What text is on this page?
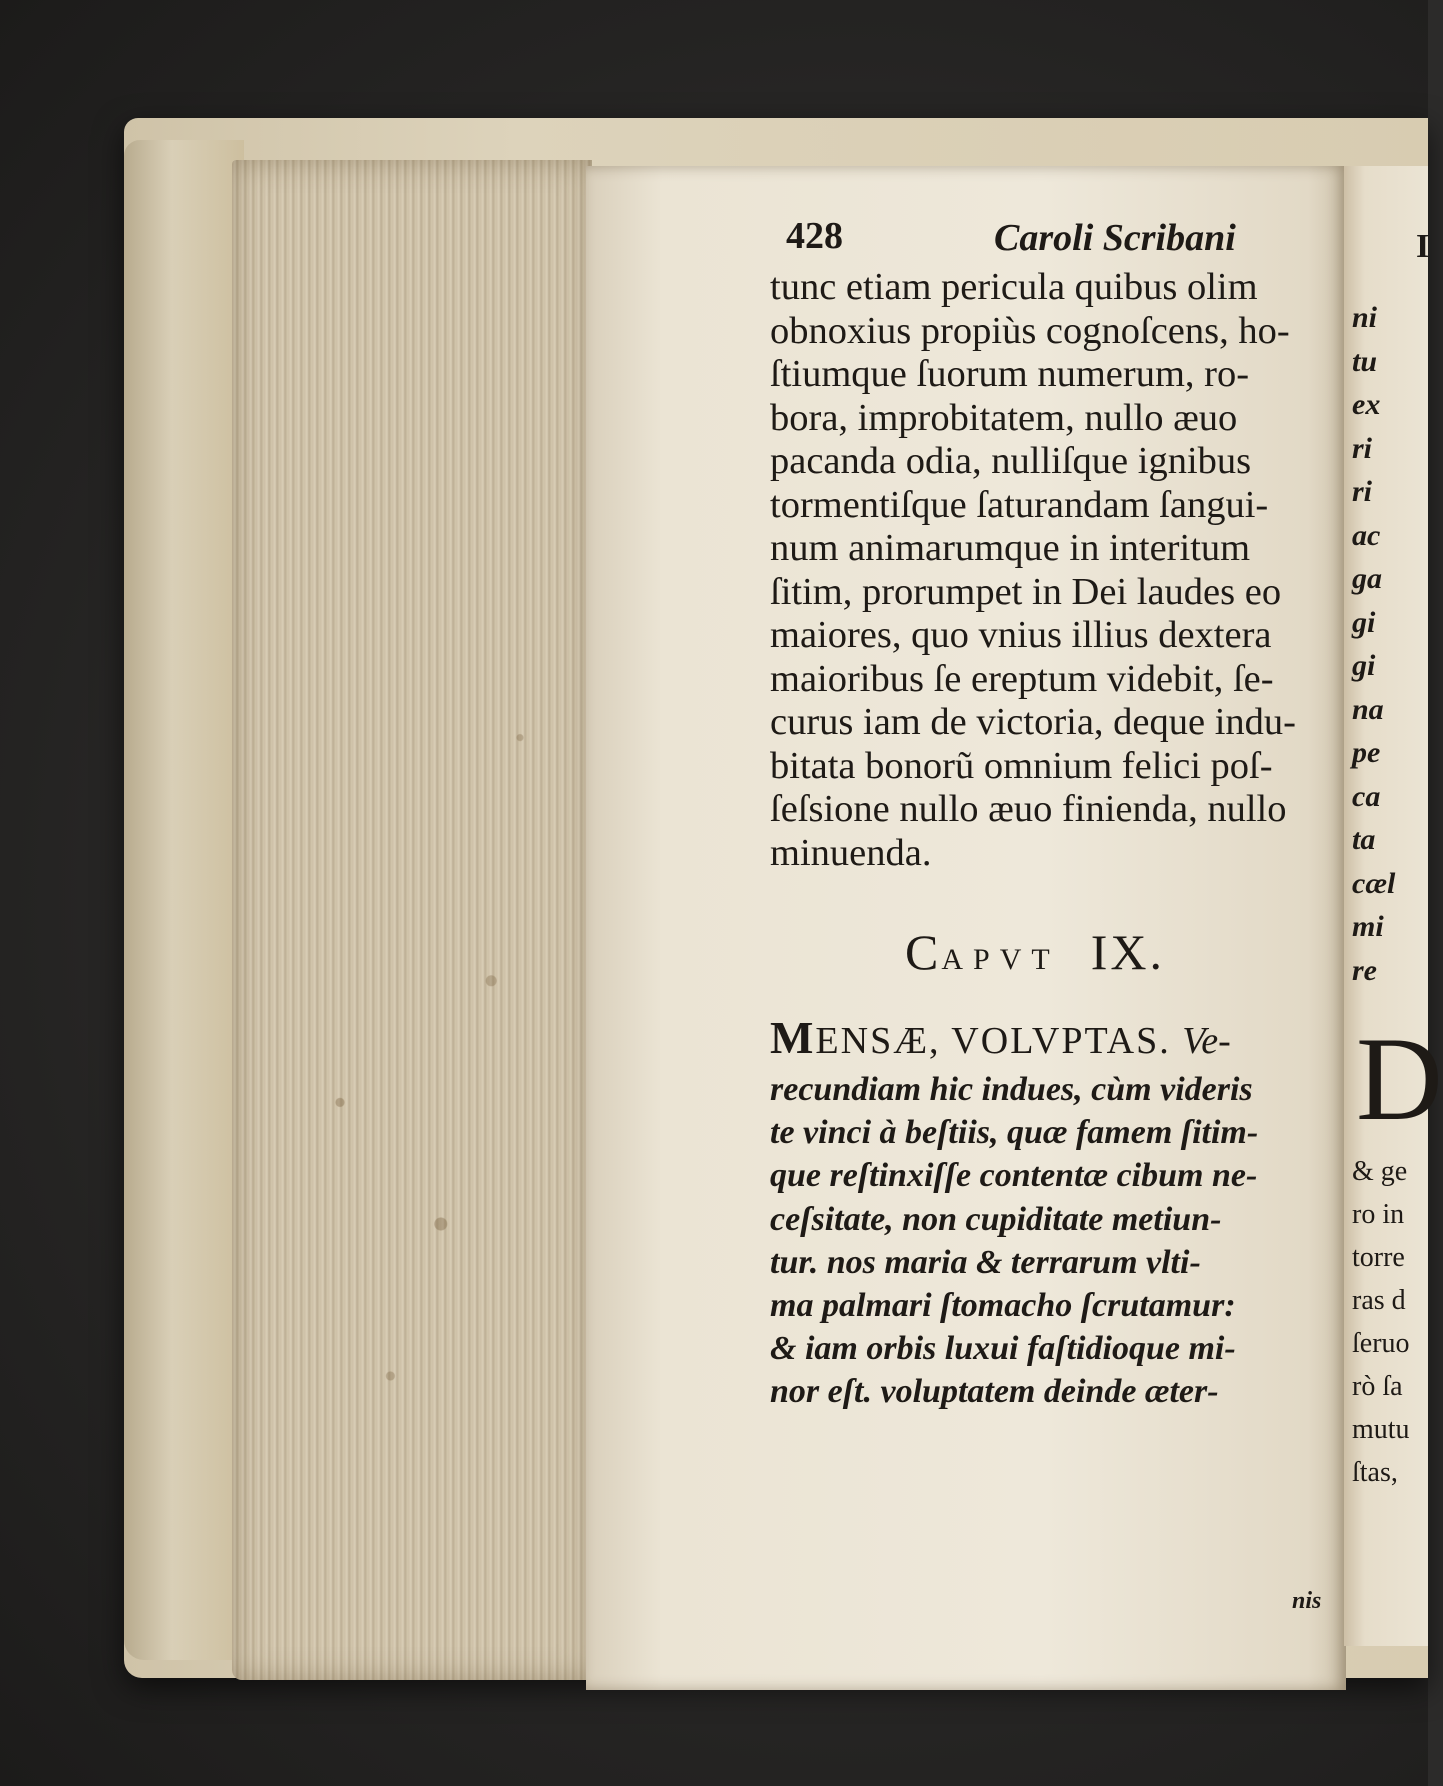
428	Caroli Scribani
tunc etiam pericula quibus olim
obnoxius propiùs cognoſcens, ho-
ſtiumque ſuorum numerum, ro-
bora, improbitatem, nullo æuo
pacanda odia, nulliſque ignibus
tormentiſque ſaturandam ſangui-
num animarumque in interitum
ſitim, prorumpet in Dei laudes eo
maiores, quo vnius illius dextera
maioribus ſe ereptum videbit, ſe-
curus iam de victoria, deque indu-
bitata bonorũ omnium felici poſ-
ſeſsione nullo æuo finienda, nullo
minuenda.
CAPVT IX.
MENSÆ, VOLVPTAS. Ve-
recundiam hic indues, cùm videris
te vinci à beſtiis, quæ famem ſitim-
que reſtinxiſſe contentæ cibum ne-
ceſsitate, non cupiditate metiun-
tur. nos maria & terrarum vlti-
ma palmari ſtomacho ſcrutamur:
& iam orbis luxui faſtidioque mi-
nor eſt. voluptatem deinde æter-
nis
I
ni
tu
ex
ri
ri
ac
ga
gi
gi
na
pe
ca
ta
cæl
mi
re
D
& ge
ro in
torre
ras d
ſeruo
rò ſa
mutu
ſtas,
